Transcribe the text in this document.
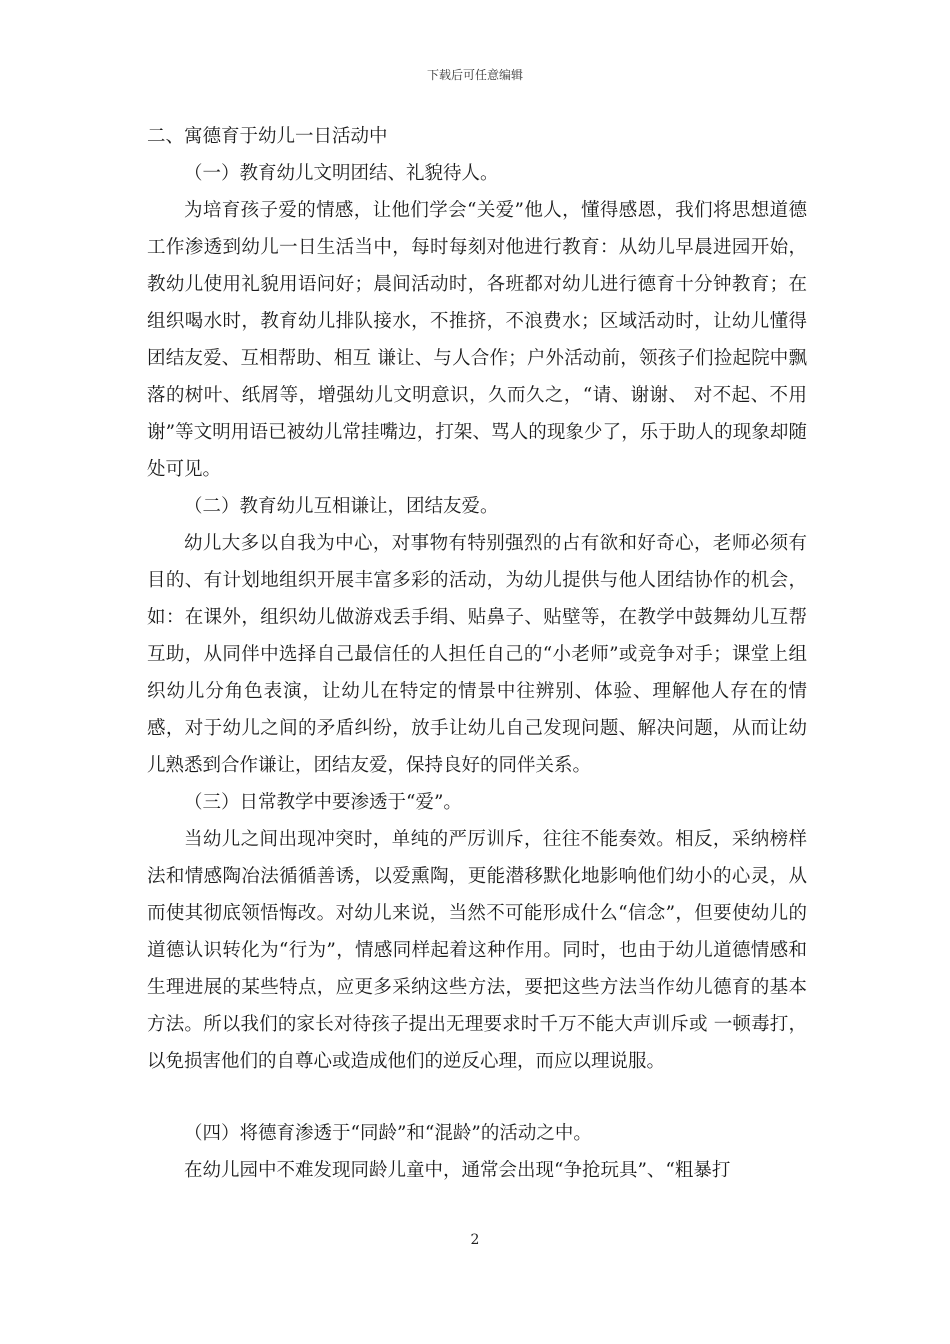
下载后可任意编辑

二、寓德育于幼儿一日活动中

（一）教育幼儿文明团结、礼貌待人。

为培育孩子爱的情感，让他们学会“关爱”他人，懂得感恩，我们将思想道德工作渗透到幼儿一日生活当中，每时每刻对他进行教育：从幼儿早晨进园开始，教幼儿使用礼貌用语问好；晨间活动时，各班都对幼儿进行德育十分钟教育；在组织喝水时，教育幼儿排队接水，不推挤，不浪费水；区域活动时，让幼儿懂得团结友爱、互相帮助、相互 谦让、与人合作；户外活动前，领孩子们捡起院中飘落的树叶、纸屑等，增强幼儿文明意识，久而久之，“请、谢谢、 对不起、不用谢”等文明用语已被幼儿常挂嘴边，打架、骂人的现象少了，乐于助人的现象却随处可见。

（二）教育幼儿互相谦让，团结友爱。

幼儿大多以自我为中心，对事物有特别强烈的占有欲和好奇心，老师必须有目的、有计划地组织开展丰富多彩的活动，为幼儿提供与他人团结协作的机会，如：在课外，组织幼儿做游戏丢手绢、贴鼻子、贴壁等，在教学中鼓舞幼儿互帮互助，从同伴中选择自己最信任的人担任自己的“小老师”或竞争对手；课堂上组织幼儿分角色表演，让幼儿在特定的情景中往辨别、体验、理解他人存在的情感，对于幼儿之间的矛盾纠纷，放手让幼儿自己发现问题、解决问题，从而让幼儿熟悉到合作谦让，团结友爱，保持良好的同伴关系。

（三）日常教学中要渗透于“爱”。

当幼儿之间出现冲突时，单纯的严厉训斥，往往不能奏效。相反，采纳榜样法和情感陶冶法循循善诱，以爱熏陶，更能潜移默化地影响他们幼小的心灵，从而使其彻底领悟悔改。对幼儿来说，当然不可能形成什么“信念”，但要使幼儿的道德认识转化为“行为”，情感同样起着这种作用。同时，也由于幼儿道德情感和生理进展的某些特点，应更多采纳这些方法，要把这些方法当作幼儿德育的基本方法。所以我们的家长对待孩子提出无理要求时千万不能大声训斥或 一顿毒打，以免损害他们的自尊心或造成他们的逆反心理，而应以理说服。

（四）将德育渗透于“同龄”和“混龄”的活动之中。

在幼儿园中不难发现同龄儿童中，通常会出现“争抢玩具”、“粗暴打

2
